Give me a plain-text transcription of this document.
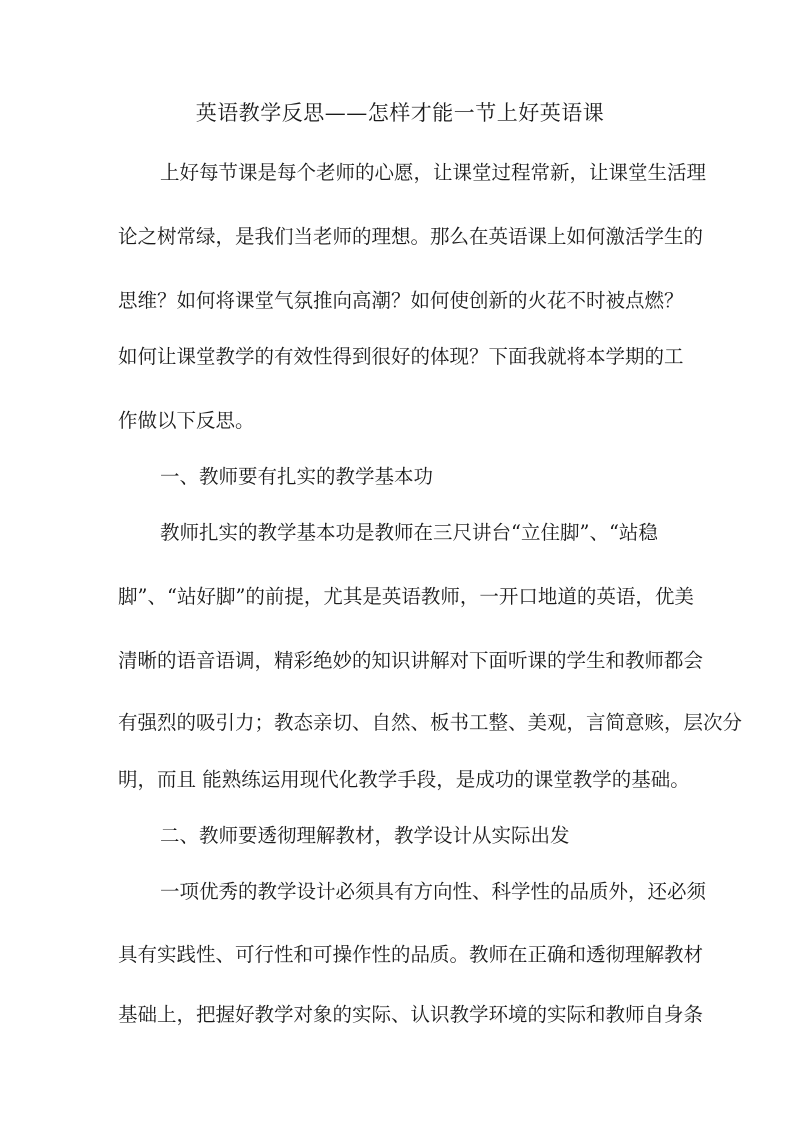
英语教学反思——怎样才能一节上好英语课
上好每节课是每个老师的心愿，让课堂过程常新，让课堂生活理
论之树常绿，是我们当老师的理想。那么在英语课上如何激活学生的
思维？如何将课堂气氛推向高潮？如何使创新的火花不时被点燃？
如何让课堂教学的有效性得到很好的体现？下面我就将本学期的工
作做以下反思。
一、教师要有扎实的教学基本功
教师扎实的教学基本功是教师在三尺讲台“立住脚”、“站稳
脚”、“站好脚”的前提，尤其是英语教师，一开口地道的英语，优美
清晰的语音语调，精彩绝妙的知识讲解对下面听课的学生和教师都会
有强烈的吸引力；教态亲切、自然、板书工整、美观，言简意赅，层次分
明，而且 能熟练运用现代化教学手段，是成功的课堂教学的基础。
二、教师要透彻理解教材，教学设计从实际出发
一项优秀的教学设计必须具有方向性、科学性的品质外，还必须
具有实践性、可行性和可操作性的品质。教师在正确和透彻理解教材
基础上，把握好教学对象的实际、认识教学环境的实际和教师自身条
